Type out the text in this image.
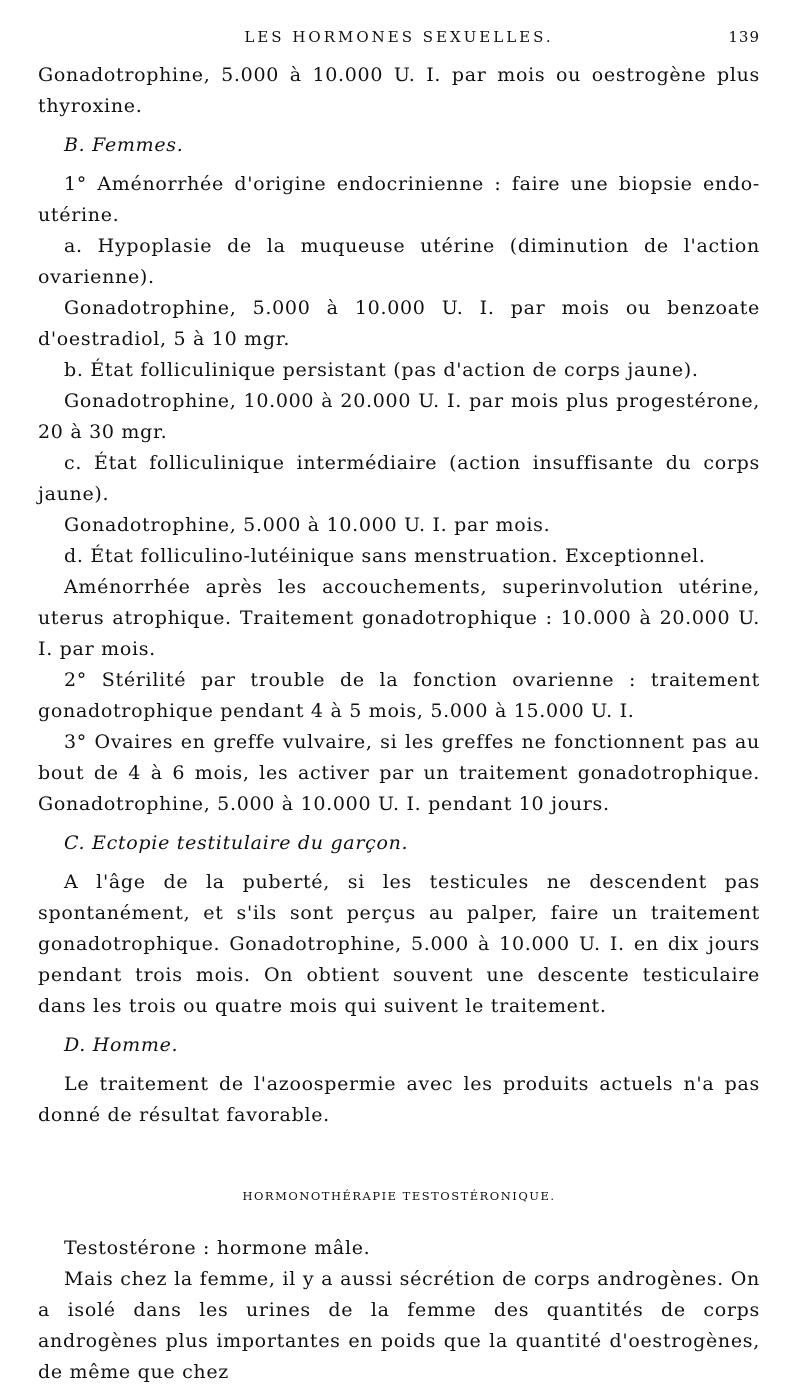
LES HORMONES SEXUELLES.	139

Gonadotrophine, 5.000 à 10.000 U. I. par mois ou oestrogène plus thyroxine.

B. Femmes.

1° Aménorrhée d'origine endocrinienne : faire une biopsie endo-utérine.

a. Hypoplasie de la muqueuse utérine (diminution de l'action ovarienne).

Gonadotrophine, 5.000 à 10.000 U. I. par mois ou benzoate d'oestradiol, 5 à 10 mgr.

b. État folliculinique persistant (pas d'action de corps jaune).

Gonadotrophine, 10.000 à 20.000 U. I. par mois plus progestérone, 20 à 30 mgr.

c. État folliculinique intermédiaire (action insuffisante du corps jaune).

Gonadotrophine, 5.000 à 10.000 U. I. par mois.

d. État folliculino-lutéinique sans menstruation. Exceptionnel.

Aménorrhée après les accouchements, superinvolution utérine, uterus atrophique. Traitement gonadotrophique : 10.000 à 20.000 U. I. par mois.

2° Stérilité par trouble de la fonction ovarienne : traitement gonadotrophique pendant 4 à 5 mois, 5.000 à 15.000 U. I.

3° Ovaires en greffe vulvaire, si les greffes ne fonctionnent pas au bout de 4 à 6 mois, les activer par un traitement gonadotrophique. Gonadotrophine, 5.000 à 10.000 U. I. pendant 10 jours.

C. Ectopie testitulaire du garçon.

A l'âge de la puberté, si les testicules ne descendent pas spontanément, et s'ils sont perçus au palper, faire un traitement gonadotrophique. Gonadotrophine, 5.000 à 10.000 U. I. en dix jours pendant trois mois. On obtient souvent une descente testiculaire dans les trois ou quatre mois qui suivent le traitement.

D. Homme.

Le traitement de l'azoospermie avec les produits actuels n'a pas donné de résultat favorable.

HORMONOTHÉRAPIE TESTOSTÉRONIQUE.

Testostérone : hormone mâle.

Mais chez la femme, il y a aussi sécrétion de corps androgènes. On a isolé dans les urines de la femme des quantités de corps androgènes plus importantes en poids que la quantité d'oestrogènes, de même que chez
